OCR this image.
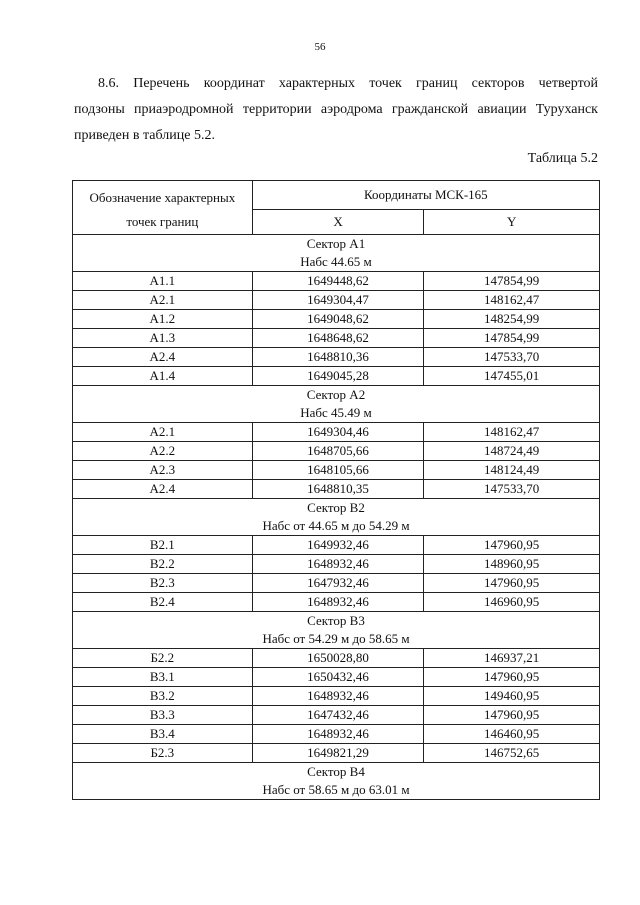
56
8.6. Перечень координат характерных точек границ секторов четвертой
подзоны приаэродромной территории аэродрома гражданской авиации Туруханск
приведен в таблице 5.2.
Таблица 5.2
Обозначение характерных точек границ	Координаты МСК-165	
	X	Y

Сектор А1
Набс 44.65 м		

А1.1	1649448,62	147854,99
А2.1	1649304,47	148162,47
А1.2	1649048,62	148254,99
А1.3	1648648,62	147854,99
А2.4	1648810,36	147533,70
А1.4	1649045,28	147455,01

Сектор А2
Набс 45.49 м		

А2.1	1649304,46	148162,47
А2.2	1648705,66	148724,49
А2.3	1648105,66	148124,49
А2.4	1648810,35	147533,70

Сектор В2
Набс от 44.65 м до 54.29 м		

В2.1	1649932,46	147960,95
В2.2	1648932,46	148960,95
В2.3	1647932,46	147960,95
В2.4	1648932,46	146960,95

Сектор В3
Набс от 54.29 м до 58.65 м		

Б2.2	1650028,80	146937,21
В3.1	1650432,46	147960,95
В3.2	1648932,46	149460,95
В3.3	1647432,46	147960,95
В3.4	1648932,46	146460,95
Б2.3	1649821,29	146752,65

Сектор В4
Набс от 58.65 м до 63.01 м		
